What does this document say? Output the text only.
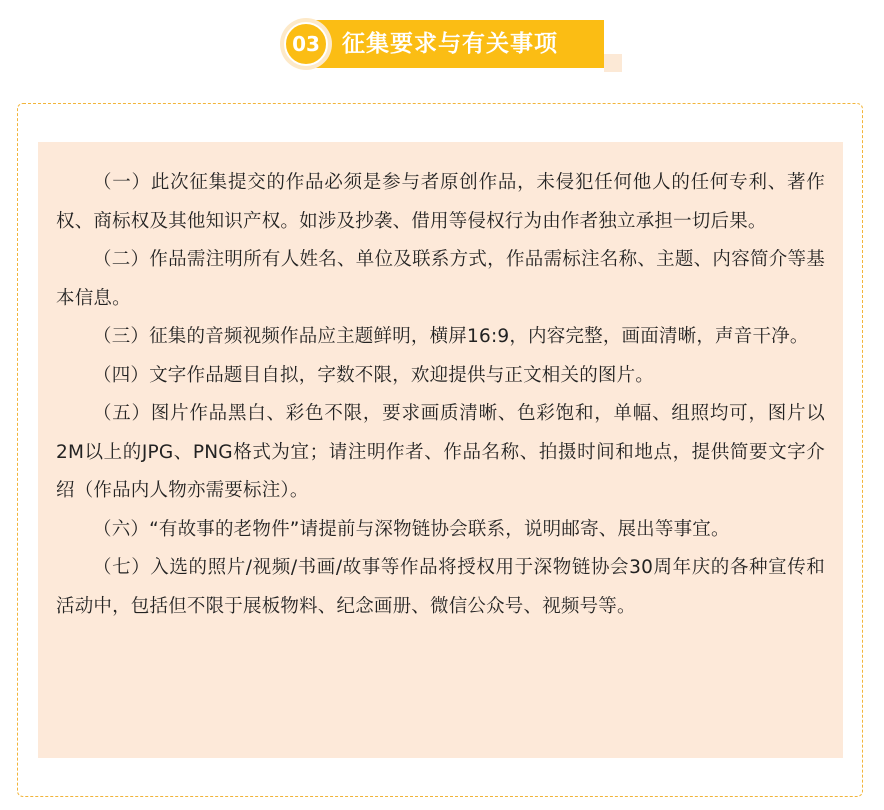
征集要求与有关事项
03

（一）此次征集提交的作品必须是参与者原创作品，未侵犯任何他人的任何专利、著作权、商标权及其他知识产权。如涉及抄袭、借用等侵权行为由作者独立承担一切后果。

（二）作品需注明所有人姓名、单位及联系方式，作品需标注名称、主题、内容简介等基本信息。

（三）征集的音频视频作品应主题鲜明，横屏16:9，内容完整，画面清晰，声音干净。

（四）文字作品题目自拟，字数不限，欢迎提供与正文相关的图片。

（五）图片作品黑白、彩色不限，要求画质清晰、色彩饱和，单幅、组照均可，图片以2M以上的JPG、PNG格式为宜；请注明作者、作品名称、拍摄时间和地点，提供简要文字介绍（作品内人物亦需要标注）。

（六）“有故事的老物件”请提前与深物链协会联系，说明邮寄、展出等事宜。

（七）入选的照片/视频/书画/故事等作品将授权用于深物链协会30周年庆的各种宣传和活动中，包括但不限于展板物料、纪念画册、微信公众号、视频号等。
